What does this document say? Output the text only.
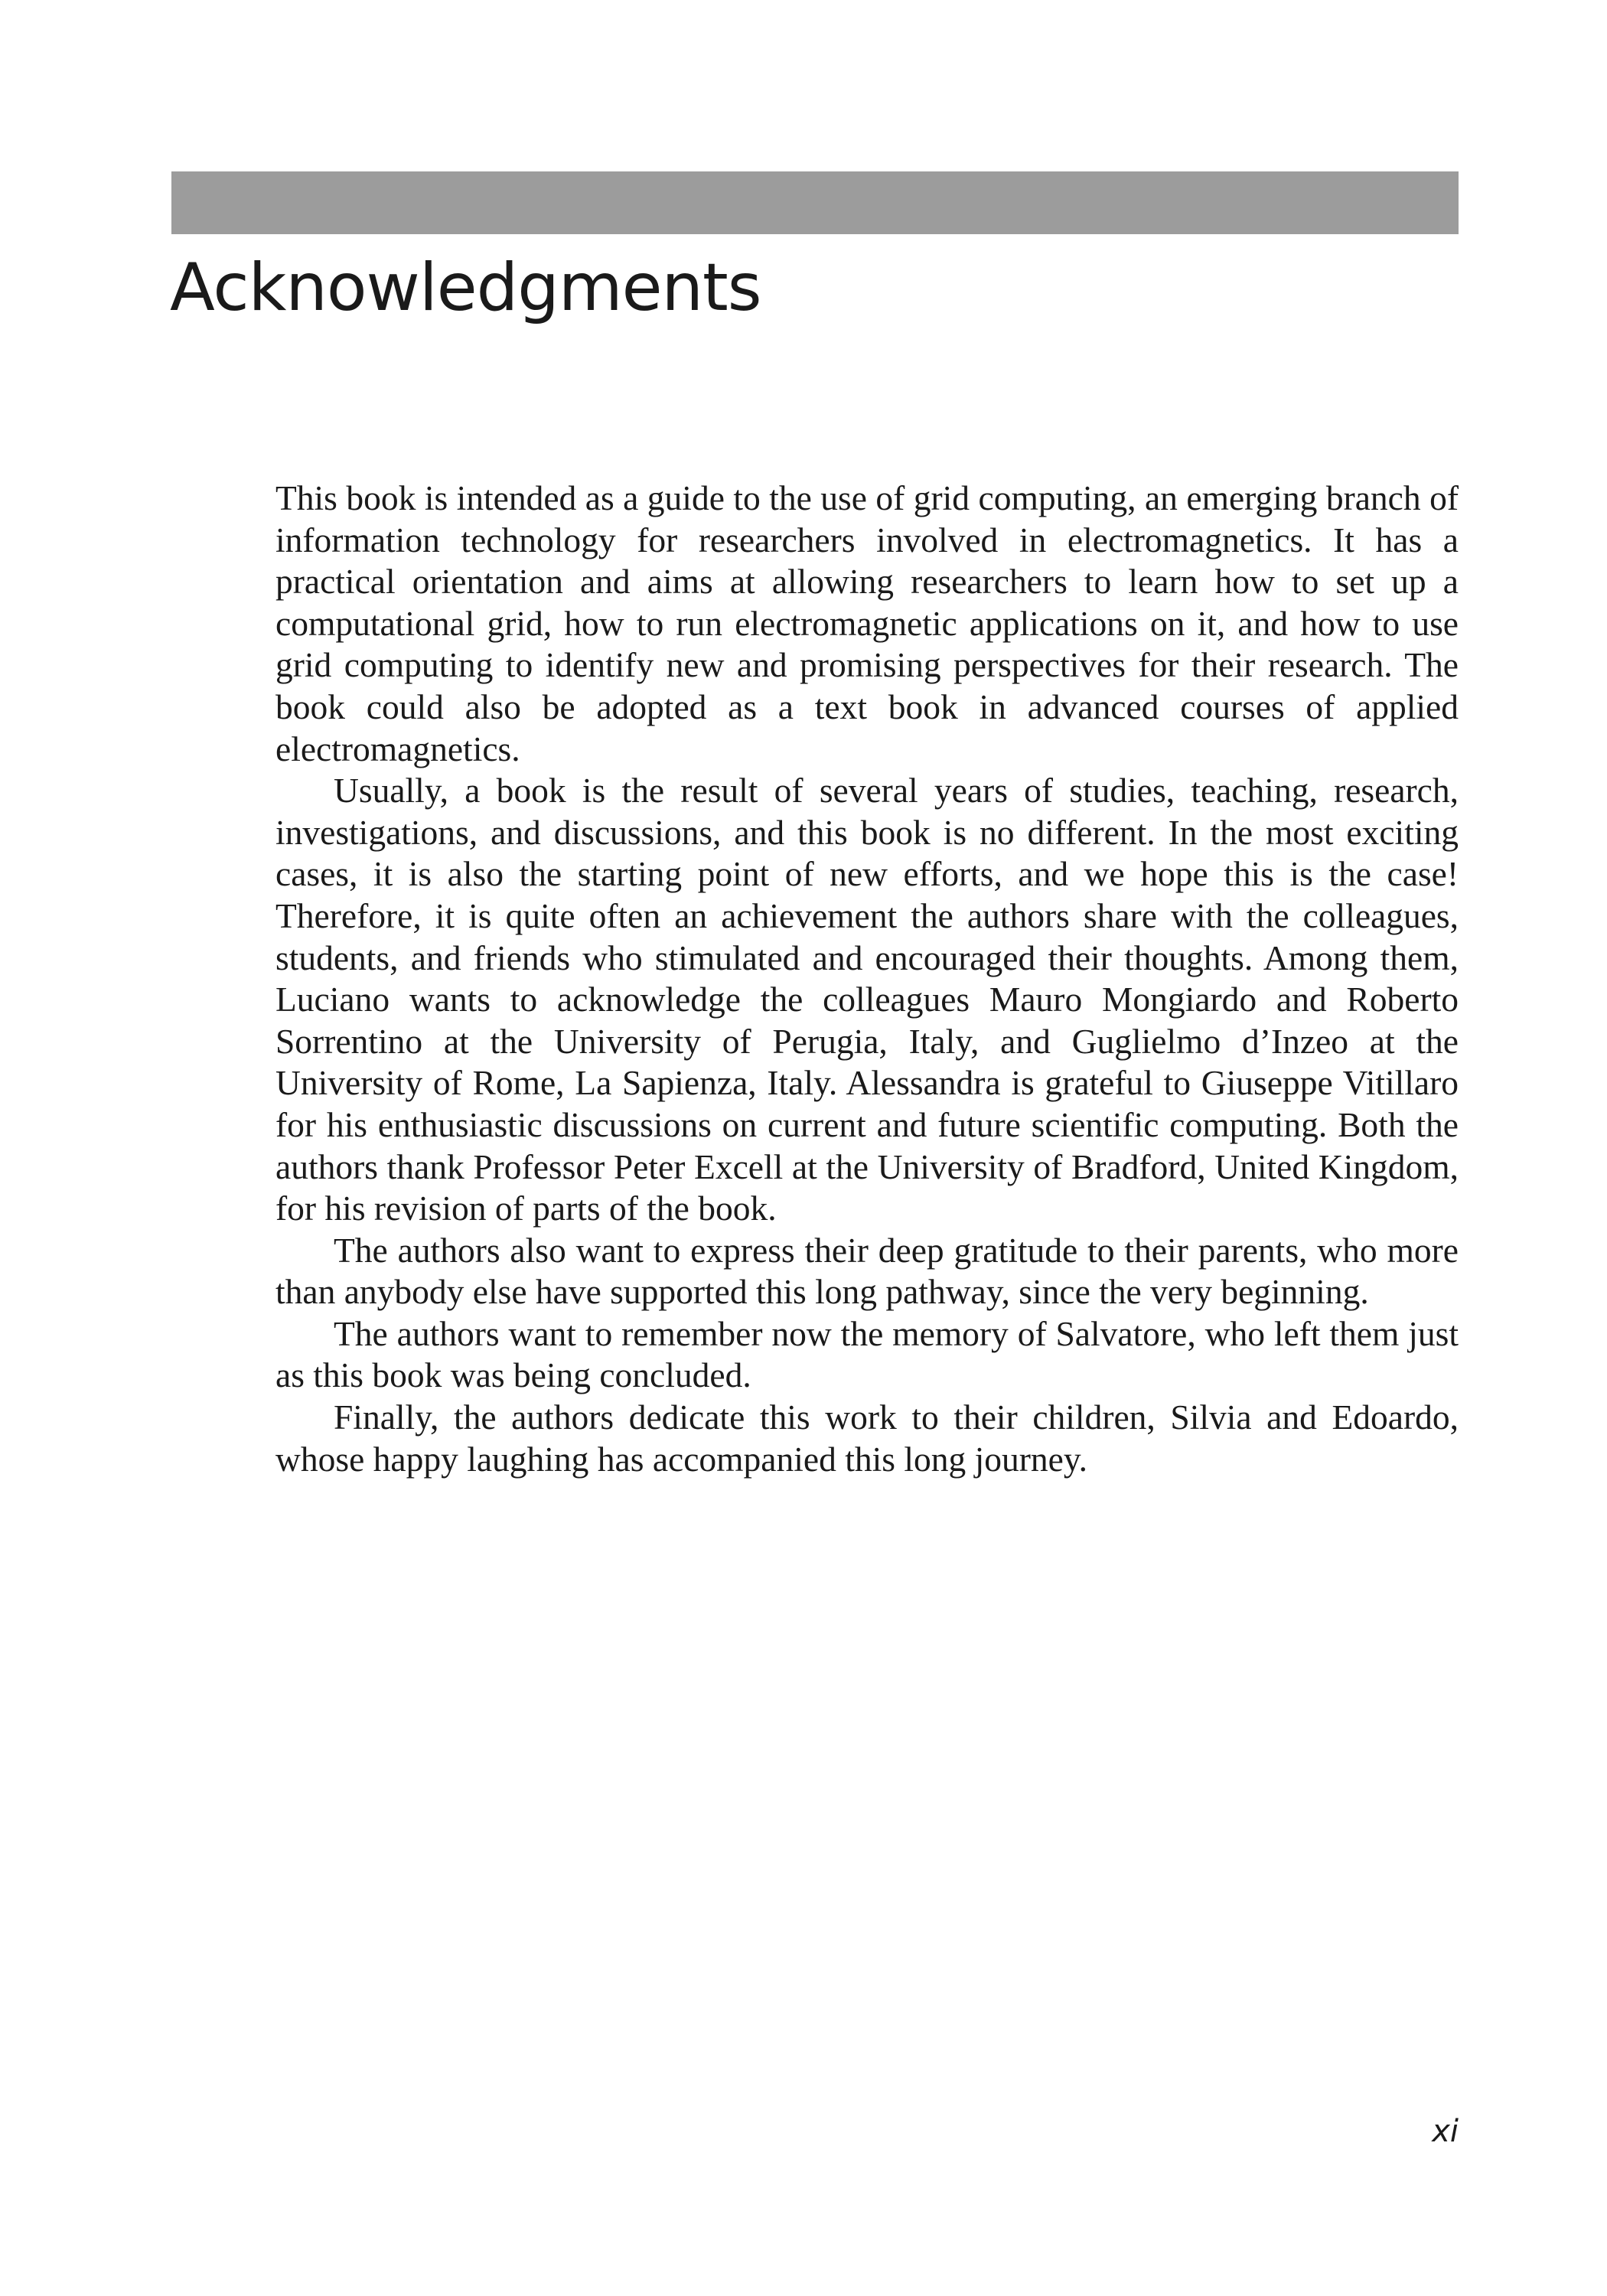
Acknowledgments

This book is intended as a guide to the use of grid computing, an emerging branch of information technology for researchers involved in electromagnetics. It has a practical orientation and aims at allowing researchers to learn how to set up a computational grid, how to run electromagnetic applications on it, and how to use grid computing to identify new and promising perspectives for their research. The book could also be adopted as a text book in advanced courses of applied electromagnetics.

Usually, a book is the result of several years of studies, teaching, research, investigations, and discussions, and this book is no different. In the most exciting cases, it is also the starting point of new efforts, and we hope this is the case! Therefore, it is quite often an achievement the authors share with the colleagues, students, and friends who stimulated and encouraged their thoughts. Among them, Luciano wants to acknowledge the colleagues Mauro Mongiardo and Roberto Sorrentino at the University of Perugia, Italy, and Guglielmo d’Inzeo at the University of Rome, La Sapienza, Italy. Alessandra is grateful to Giuseppe Vitillaro for his enthusiastic discussions on current and future scientific computing. Both the authors thank Professor Peter Excell at the University of Bradford, United Kingdom, for his revision of parts of the book.

The authors also want to express their deep gratitude to their parents, who more than anybody else have supported this long pathway, since the very beginning.

The authors want to remember now the memory of Salvatore, who left them just as this book was being concluded.

Finally, the authors dedicate this work to their children, Silvia and Edoardo, whose happy laughing has accompanied this long journey.

xi
